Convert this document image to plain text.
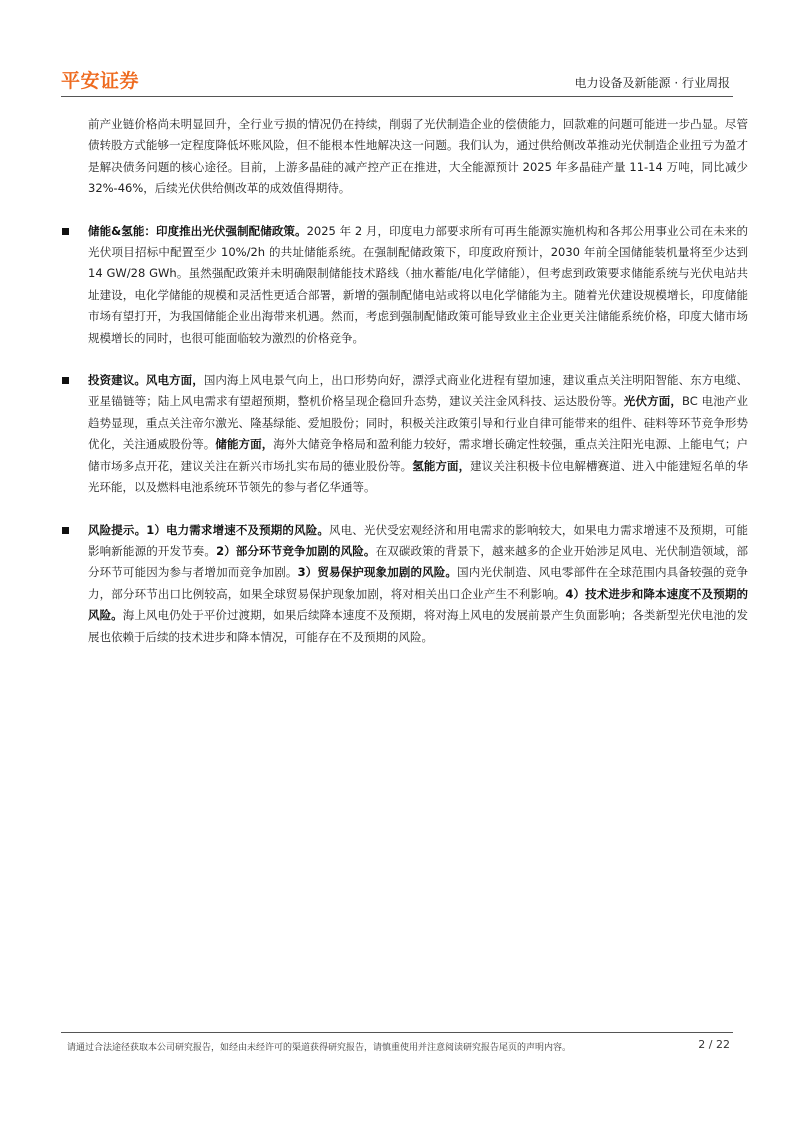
平安证券	电力设备及新能源 · 行业周报

前产业链价格尚未明显回升，全行业亏损的情况仍在持续，削弱了光伏制造企业的偿债能力，回款难的问题可能进一步凸显。尽管债转股方式能够一定程度降低坏账风险，但不能根本性地解决这一问题。我们认为，通过供给侧改革推动光伏制造企业扭亏为盈才是解决债务问题的核心途径。目前，上游多晶硅的减产控产正在推进，大全能源预计 2025 年多晶硅产量 11-14 万吨，同比减少 32%-46%，后续光伏供给侧改革的成效值得期待。

储能&氢能：印度推出光伏强制配储政策。2025 年 2 月，印度电力部要求所有可再生能源实施机构和各邦公用事业公司在未来的光伏项目招标中配置至少 10%/2h 的共址储能系统。在强制配储政策下，印度政府预计，2030 年前全国储能装机量将至少达到 14 GW/28 GWh。虽然强配政策并未明确限制储能技术路线（抽水蓄能/电化学储能），但考虑到政策要求储能系统与光伏电站共址建设，电化学储能的规模和灵活性更适合部署，新增的强制配储电站或将以电化学储能为主。随着光伏建设规模增长，印度储能市场有望打开，为我国储能企业出海带来机遇。然而，考虑到强制配储政策可能导致业主企业更关注储能系统价格，印度大储市场规模增长的同时，也很可能面临较为激烈的价格竞争。

投资建议。风电方面，国内海上风电景气向上，出口形势向好，漂浮式商业化进程有望加速，建议重点关注明阳智能、东方电缆、亚星锚链等；陆上风电需求有望超预期，整机价格呈现企稳回升态势，建议关注金风科技、运达股份等。光伏方面，BC 电池产业趋势显现，重点关注帝尔激光、隆基绿能、爱旭股份；同时，积极关注政策引导和行业自律可能带来的组件、硅料等环节竞争形势优化，关注通威股份等。储能方面，海外大储竞争格局和盈利能力较好，需求增长确定性较强，重点关注阳光电源、上能电气；户储市场多点开花，建议关注在新兴市场扎实布局的德业股份等。氢能方面，建议关注积极卡位电解槽赛道、进入中能建短名单的华光环能，以及燃料电池系统环节领先的参与者亿华通等。

风险提示。1）电力需求增速不及预期的风险。风电、光伏受宏观经济和用电需求的影响较大，如果电力需求增速不及预期，可能影响新能源的开发节奏。2）部分环节竞争加剧的风险。在双碳政策的背景下，越来越多的企业开始涉足风电、光伏制造领域，部分环节可能因为参与者增加而竞争加剧。3）贸易保护现象加剧的风险。国内光伏制造、风电零部件在全球范围内具备较强的竞争力，部分环节出口比例较高，如果全球贸易保护现象加剧，将对相关出口企业产生不利影响。4）技术进步和降本速度不及预期的风险。海上风电仍处于平价过渡期，如果后续降本速度不及预期，将对海上风电的发展前景产生负面影响；各类新型光伏电池的发展也依赖于后续的技术进步和降本情况，可能存在不及预期的风险。

请通过合法途径获取本公司研究报告，如经由未经许可的渠道获得研究报告，请慎重使用并注意阅读研究报告尾页的声明内容。	2 / 22
